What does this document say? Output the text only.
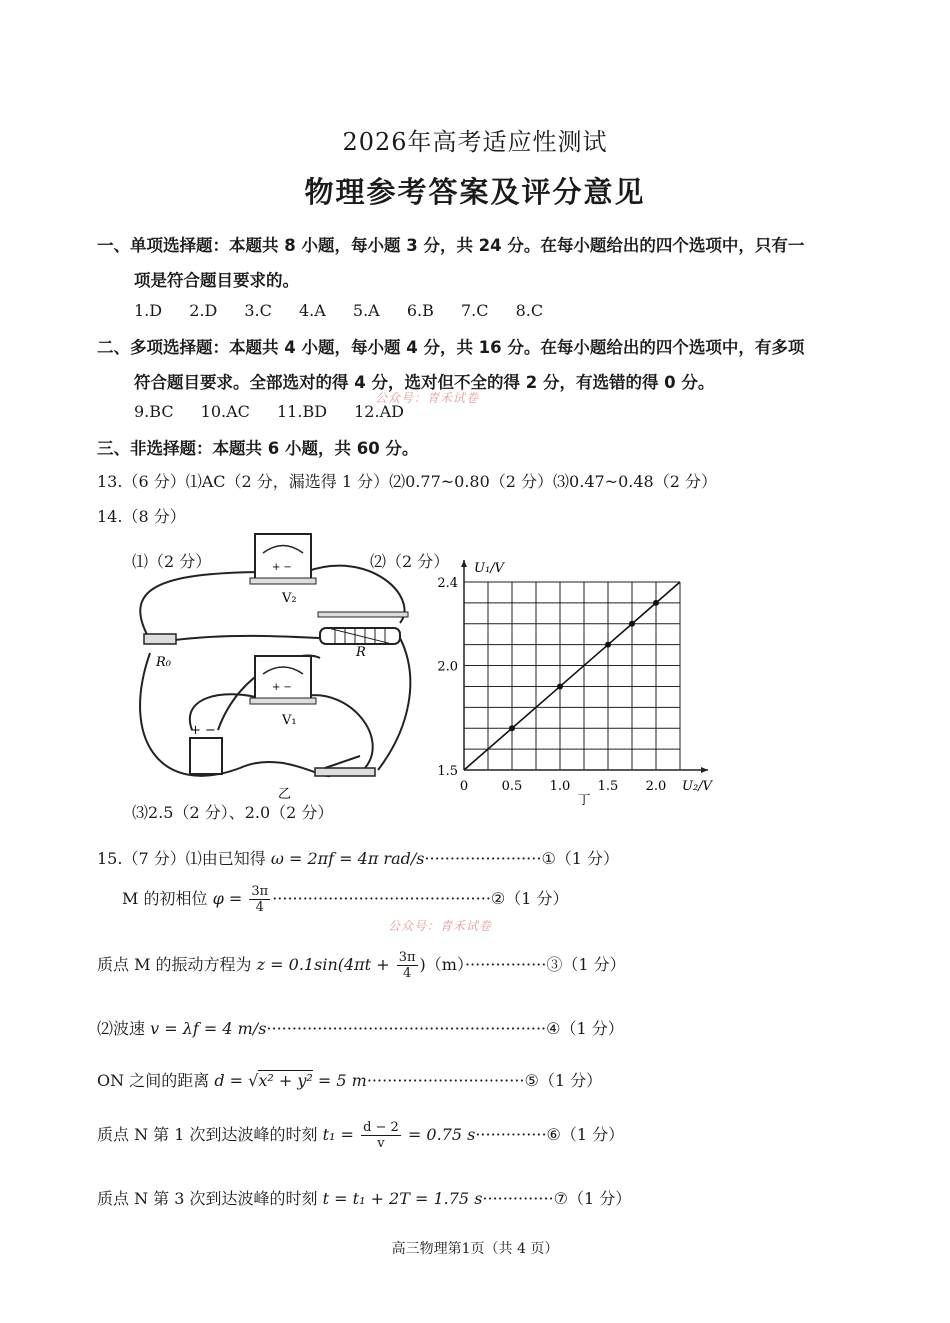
2026年高考适应性测试
物理参考答案及评分意见
一、单项选择题：本题共 8 小题，每小题 3 分，共 24 分。在每小题给出的四个选项中，只有一
项是符合题目要求的。
1.D 2.D 3.C 4.A 5.A 6.B 7.C 8.C
二、多项选择题：本题共 4 小题，每小题 4 分，共 16 分。在每小题给出的四个选项中，有多项
符合题目要求。全部选对的得 4 分，选对但不全的得 2 分，有选错的得 0 分。
9.BC 10.AC 11.BD 12.AD
公众号：青禾试卷
三、非选择题：本题共 6 小题，共 60 分。
13.（6 分）⑴AC（2 分，漏选得 1 分）⑵0.77~0.80（2 分）⑶0.47~0.48（2 分）
14.（8 分）
⑴（2 分）	+ −
V₂
R
R₀
+ −
V₁
+ −
乙
⑶2.5（2 分）、2.0（2 分）
⑵（2 分） U₁/V
U₂/V
0	0.5 1.0 1.5 2.0
1.5
2.0
2.4
丁
15.（7 分）⑴由已知得 ω = 2πf = 4π rad/s·······················①（1 分）
M 的初相位 $\varphi = \frac{3\pi}{4}$ ···········································②（1 分）
公众号：青禾试卷
质点 M 的振动方程为 $z = 0.1\sin(4\pi t + \frac{3\pi}{4}$ )（m）················③（1 分）
⑵波速 v = λf = 4 m/s·······················································④（1 分）
ON 之间的距离 d = √x² + y² = 5 m·······························⑤（1 分）
质点 N 第 1 次到达波峰的时刻 $t_1 = \frac{d - 2}{v} = 0.75$ s··············⑥（1 分）
质点 N 第 3 次到达波峰的时刻 t = t₁ + 2T = 1.75 s··············⑦（1 分）
高三物理第1页（共 4 页）
